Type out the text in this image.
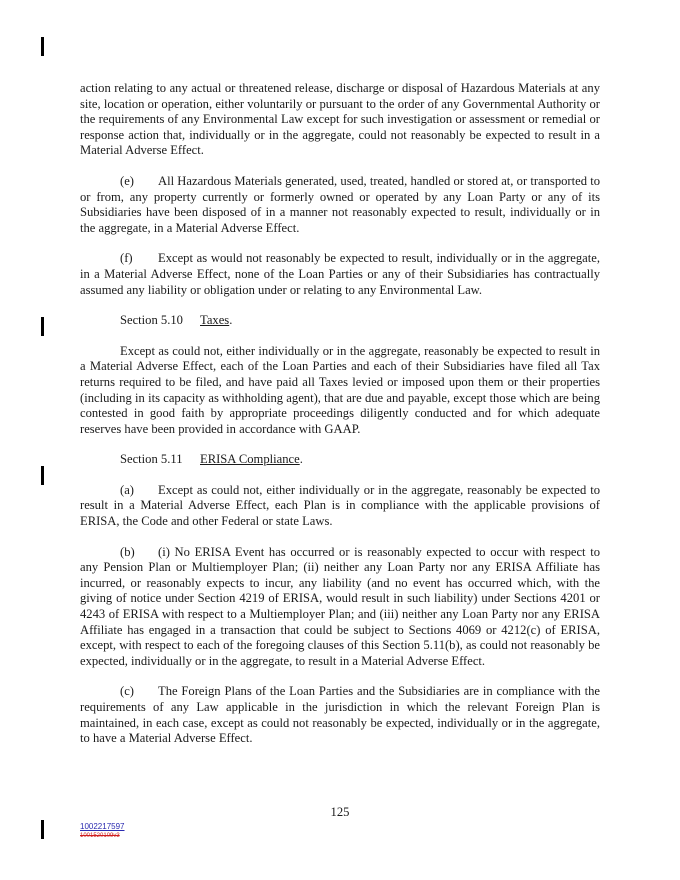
action relating to any actual or threatened release, discharge or disposal of Hazardous Materials at any site, location or operation, either voluntarily or pursuant to the order of any Governmental Authority or the requirements of any Environmental Law except for such investigation or assessment or remedial or response action that, individually or in the aggregate, could not reasonably be expected to result in a Material Adverse Effect.

(e) All Hazardous Materials generated, used, treated, handled or stored at, or transported to or from, any property currently or formerly owned or operated by any Loan Party or any of its Subsidiaries have been disposed of in a manner not reasonably expected to result, individually or in the aggregate, in a Material Adverse Effect.

(f) Except as would not reasonably be expected to result, individually or in the aggregate, in a Material Adverse Effect, none of the Loan Parties or any of their Subsidiaries has contractually assumed any liability or obligation under or relating to any Environmental Law.

Section 5.10 Taxes.

Except as could not, either individually or in the aggregate, reasonably be expected to result in a Material Adverse Effect, each of the Loan Parties and each of their Subsidiaries have filed all Tax returns required to be filed, and have paid all Taxes levied or imposed upon them or their properties (including in its capacity as withholding agent), that are due and payable, except those which are being contested in good faith by appropriate proceedings diligently conducted and for which adequate reserves have been provided in accordance with GAAP.

Section 5.11 ERISA Compliance.

(a) Except as could not, either individually or in the aggregate, reasonably be expected to result in a Material Adverse Effect, each Plan is in compliance with the applicable provisions of ERISA, the Code and other Federal or state Laws.

(b) (i) No ERISA Event has occurred or is reasonably expected to occur with respect to any Pension Plan or Multiemployer Plan; (ii) neither any Loan Party nor any ERISA Affiliate has incurred, or reasonably expects to incur, any liability (and no event has occurred which, with the giving of notice under Section 4219 of ERISA, would result in such liability) under Sections 4201 or 4243 of ERISA with respect to a Multiemployer Plan; and (iii) neither any Loan Party nor any ERISA Affiliate has engaged in a transaction that could be subject to Sections 4069 or 4212(c) of ERISA, except, with respect to each of the foregoing clauses of this Section 5.11(b), as could not reasonably be expected, individually or in the aggregate, to result in a Material Adverse Effect.

(c) The Foreign Plans of the Loan Parties and the Subsidiaries are in compliance with the requirements of any Law applicable in the jurisdiction in which the relevant Foreign Plan is maintained, in each case, except as could not reasonably be expected, individually or in the aggregate, to have a Material Adverse Effect.

125
1002217597
1001520109v3
